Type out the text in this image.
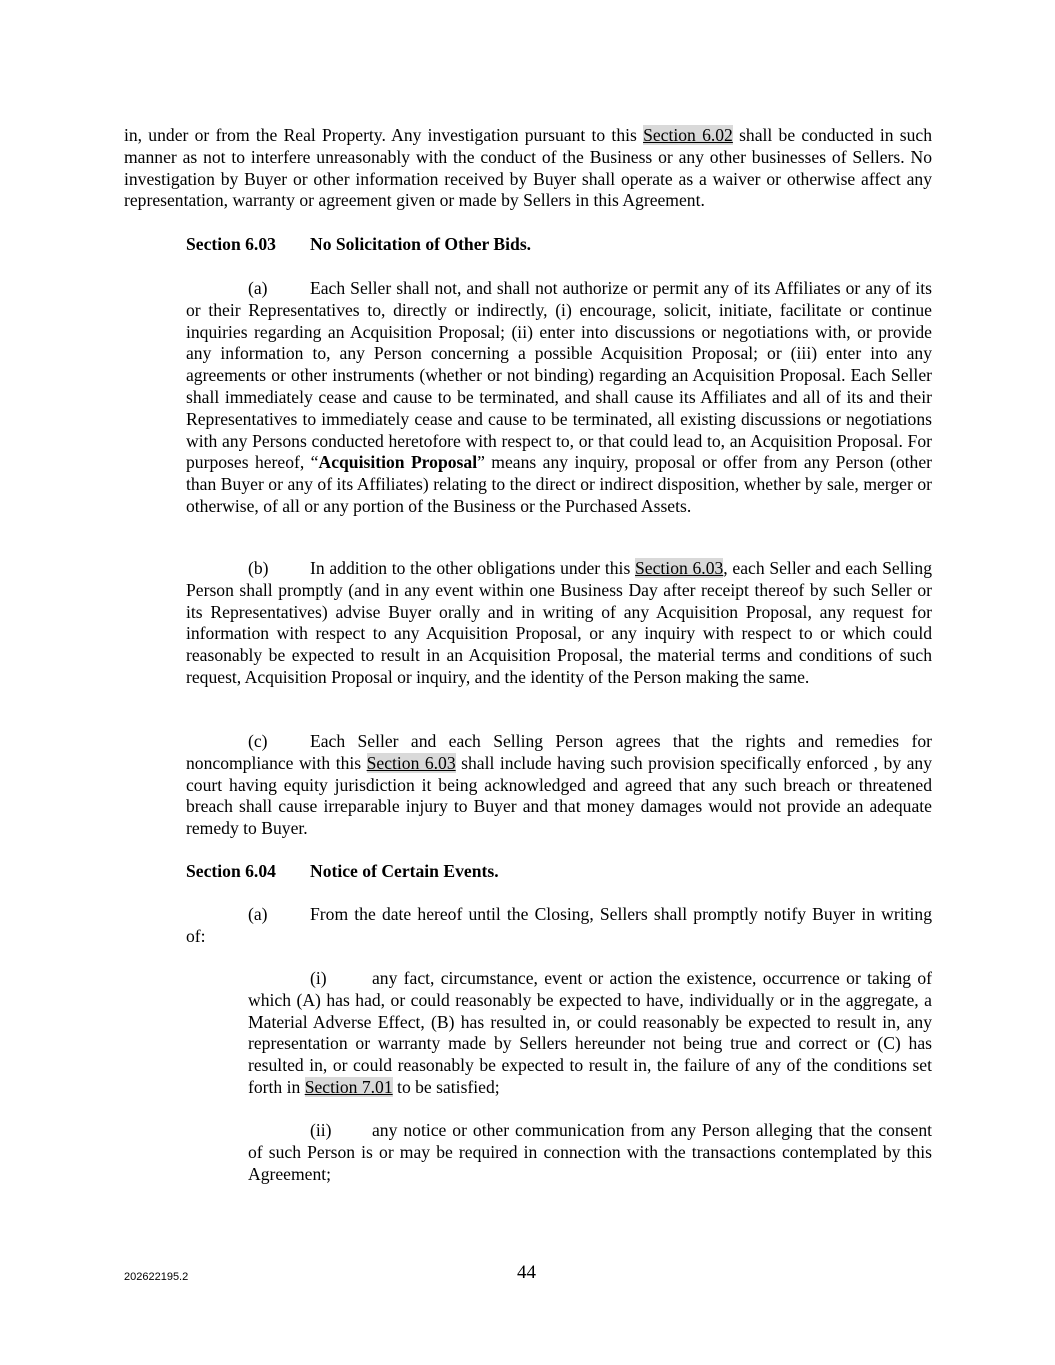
in, under or from the Real Property. Any investigation pursuant to this Section 6.02 shall be conducted in such manner as not to interfere unreasonably with the conduct of the Business or any other businesses of Sellers. No investigation by Buyer or other information received by Buyer shall operate as a waiver or otherwise affect any representation, warranty or agreement given or made by Sellers in this Agreement.

Section 6.03 No Solicitation of Other Bids.

(a) Each Seller shall not, and shall not authorize or permit any of its Affiliates or any of its or their Representatives to, directly or indirectly, (i) encourage, solicit, initiate, facilitate or continue inquiries regarding an Acquisition Proposal; (ii) enter into discussions or negotiations with, or provide any information to, any Person concerning a possible Acquisition Proposal; or (iii) enter into any agreements or other instruments (whether or not binding) regarding an Acquisition Proposal. Each Seller shall immediately cease and cause to be terminated, and shall cause its Affiliates and all of its and their Representatives to immediately cease and cause to be terminated, all existing discussions or negotiations with any Persons conducted heretofore with respect to, or that could lead to, an Acquisition Proposal. For purposes hereof, “Acquisition Proposal” means any inquiry, proposal or offer from any Person (other than Buyer or any of its Affiliates) relating to the direct or indirect disposition, whether by sale, merger or otherwise, of all or any portion of the Business or the Purchased Assets.

(b) In addition to the other obligations under this Section 6.03, each Seller and each Selling Person shall promptly (and in any event within one Business Day after receipt thereof by such Seller or its Representatives) advise Buyer orally and in writing of any Acquisition Proposal, any request for information with respect to any Acquisition Proposal, or any inquiry with respect to or which could reasonably be expected to result in an Acquisition Proposal, the material terms and conditions of such request, Acquisition Proposal or inquiry, and the identity of the Person making the same.

(c) Each Seller and each Selling Person agrees that the rights and remedies for noncompliance with this Section 6.03 shall include having such provision specifically enforced , by any court having equity jurisdiction it being acknowledged and agreed that any such breach or threatened breach shall cause irreparable injury to Buyer and that money damages would not provide an adequate remedy to Buyer.

Section 6.04 Notice of Certain Events.

(a) From the date hereof until the Closing, Sellers shall promptly notify Buyer in writing of:

(i)	any fact, circumstance, event or action the existence, occurrence or taking of which (A) has had, or could reasonably be expected to have, individually or in the aggregate, a Material Adverse Effect, (B) has resulted in, or could reasonably be expected to result in, any representation or warranty made by Sellers hereunder not being true and correct or (C) has resulted in, or could reasonably be expected to result in, the failure of any of the conditions set forth in Section 7.01 to be satisfied;

(ii) any notice or other communication from any Person alleging that the consent of such Person is or may be required in connection with the transactions contemplated by this Agreement;

202622195.2	44
